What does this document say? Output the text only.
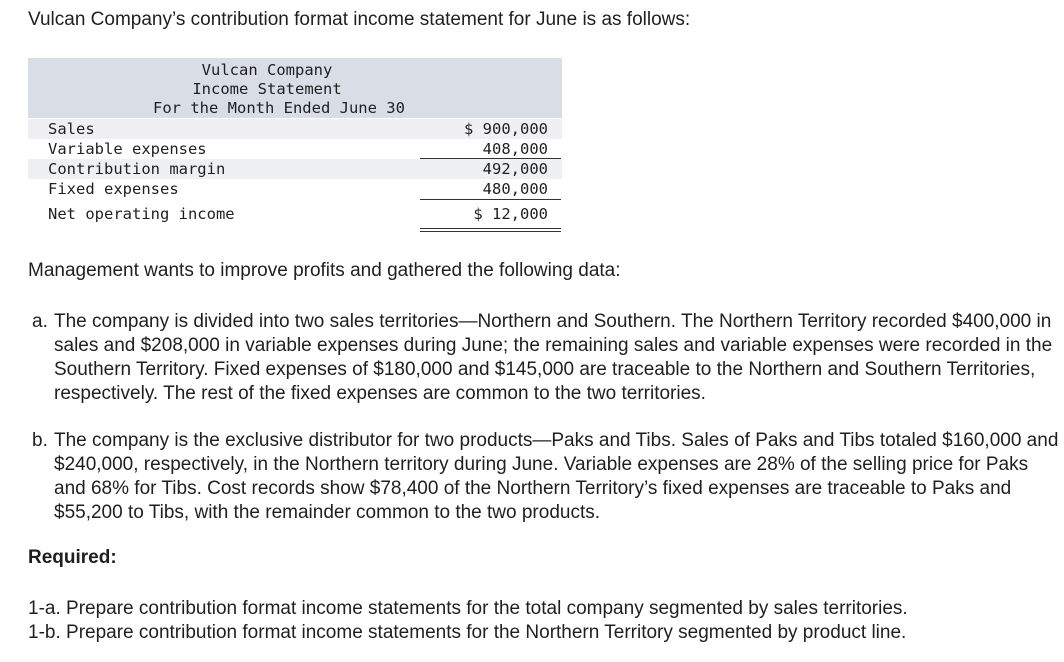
Vulcan Company’s contribution format income statement for June is as follows:
Vulcan Company
Income Statement
For the Month Ended June 30
Sales	$ 900,000
Variable expenses	408,000
Contribution margin	492,000
Fixed expenses	480,000
Net operating income	$ 12,000
Management wants to improve profits and gathered the following data:
a. The company is divided into two sales territories—Northern and Southern. The Northern Territory recorded $400,000 in sales and $208,000 in variable expenses during June; the remaining sales and variable expenses were recorded in the Southern Territory. Fixed expenses of $180,000 and $145,000 are traceable to the Northern and Southern Territories, respectively. The rest of the fixed expenses are common to the two territories.
b. The company is the exclusive distributor for two products—Paks and Tibs. Sales of Paks and Tibs totaled $160,000 and $240,000, respectively, in the Northern territory during June. Variable expenses are 28% of the selling price for Paks and 68% for Tibs. Cost records show $78,400 of the Northern Territory’s fixed expenses are traceable to Paks and $55,200 to Tibs, with the remainder common to the two products.
Required:
1-a. Prepare contribution format income statements for the total company segmented by sales territories.
1-b. Prepare contribution format income statements for the Northern Territory segmented by product line.
